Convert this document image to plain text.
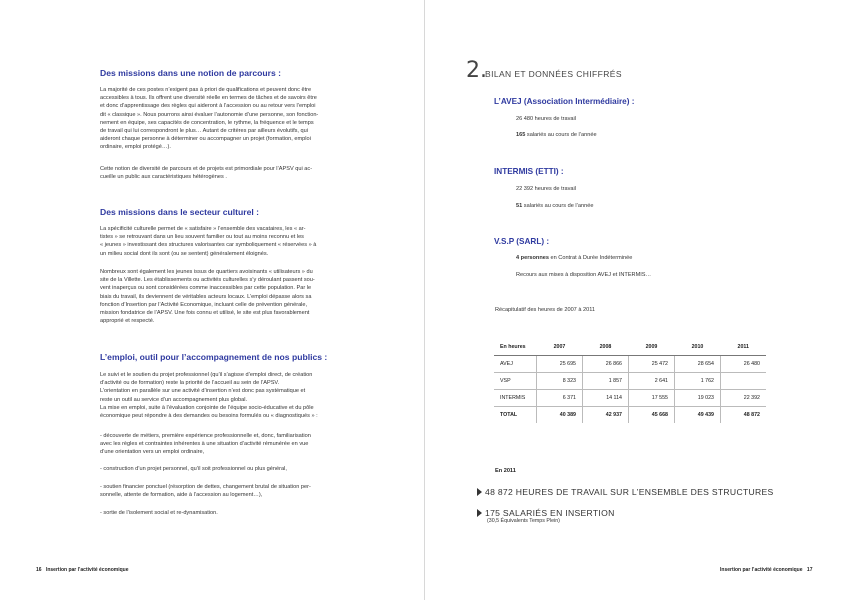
Des missions dans une notion de parcours :
La majorité de ces postes n’exigent pas à priori de qualifications et peuvent donc être
accessibles à tous. Ils offrent une diversité réelle en termes de tâches et de savoirs être
et donc d’apprentissage des règles qui aideront à l’accession ou au retour vers l’emploi
dit « classique ». Nous pourrons ainsi évaluer l’autonomie d’une personne, son fonction-
nement en équipe, ses capacités de concentration, le rythme, la fréquence et le temps
de travail qui lui correspondront le plus… Autant de critères par ailleurs évolutifs, qui
aideront chaque personne à déterminer ou accompagner un projet (formation, emploi
ordinaire, emploi protégé…).
Cette notion de diversité de parcours et de projets est primordiale pour l’APSV qui ac-
cueille un public aux caractéristiques hétérogènes .
Des missions dans le secteur culturel :
La spécificité culturelle permet de « satisfaire » l’ensemble des vacataires, les « ar-
tistes » se retrouvant dans un lieu souvent familier ou tout au moins reconnu et les
« jeunes » investissant des structures valorisantes car symboliquement « réservées » à
un milieu social dont ils sont (ou se sentent) généralement éloignés.
Nombreux sont également les jeunes issus de quartiers avoisinants « utilisateurs » du
site de la Villette. Les établissements ou activités culturelles s’y déroulant passent sou-
vent inaperçus ou sont considérées comme inaccessibles par cette population. Par le
biais du travail, ils deviennent de véritables acteurs locaux. L’emploi dépasse alors sa
fonction d’Insertion par l’Activité Economique, incluant celle de prévention générale,
mission fondatrice de l’APSV. Une fois connu et utilisé, le site est plus favorablement
approprié et respecté.
L’emploi, outil pour l’accompagnement de nos publics :
Le suivi et le soutien du projet professionnel (qu’il s’agisse d’emploi direct, de création
d’activité ou de formation) reste la priorité de l’accueil au sein de l’APSV.
L’orientation en parallèle sur une activité d’insertion n’est donc pas systématique et
reste un outil au service d’un accompagnement plus global.
La mise en emploi, suite à l’évaluation conjointe de l’équipe socio-éducative et du pôle
économique peut répondre à des demandes ou besoins formulés ou « diagnostiqués » :
- découverte de métiers, première expérience professionnelle et, donc, familiarisation
avec les règles et contraintes inhérentes à une situation d’activité rémunérée en vue
d’une orientation vers un emploi ordinaire,
- construction d’un projet personnel, qu’il soit professionnel ou plus général,
- soutien financier ponctuel (résorption de dettes, changement brutal de situation per-
sonnelle, attente de formation, aide à l’accession au logement…),
- sortie de l’isolement social et re-dynamisation.
16 Insertion par l’activité économique
2.
BILAN ET DONNÉES CHIFFRÉS
L’AVEJ (Association Intermédiaire) :
26 480 heures de travail
165 salariés au cours de l’année
INTERMIS (ETTI) :
22 392 heures de travail
51 salariés au cours de l’année
V.S.P (SARL) :
4 personnes en Contrat à Durée Indéterminée
Recours aux mises à disposition AVEJ et INTERMIS…
Récapitulatif des heures de 2007 à 2011
En heures	2007	2008	2009	2010	2011
AVEJ	25 695	26 866	25 472	28 654	26 480
VSP	8 323	1 857	2 641	1 762	
INTERMIS	6 371	14 114	17 555	19 023	22 392
TOTAL	40 389	42 937	45 668	49 439	48 872
En 2011
48 872 HEURES DE TRAVAIL SUR L’ENSEMBLE DES STRUCTURES
175 SALARIÉS EN INSERTION
(30,5 Équivalents Temps Plein)
Insertion par l’activité économique 17
